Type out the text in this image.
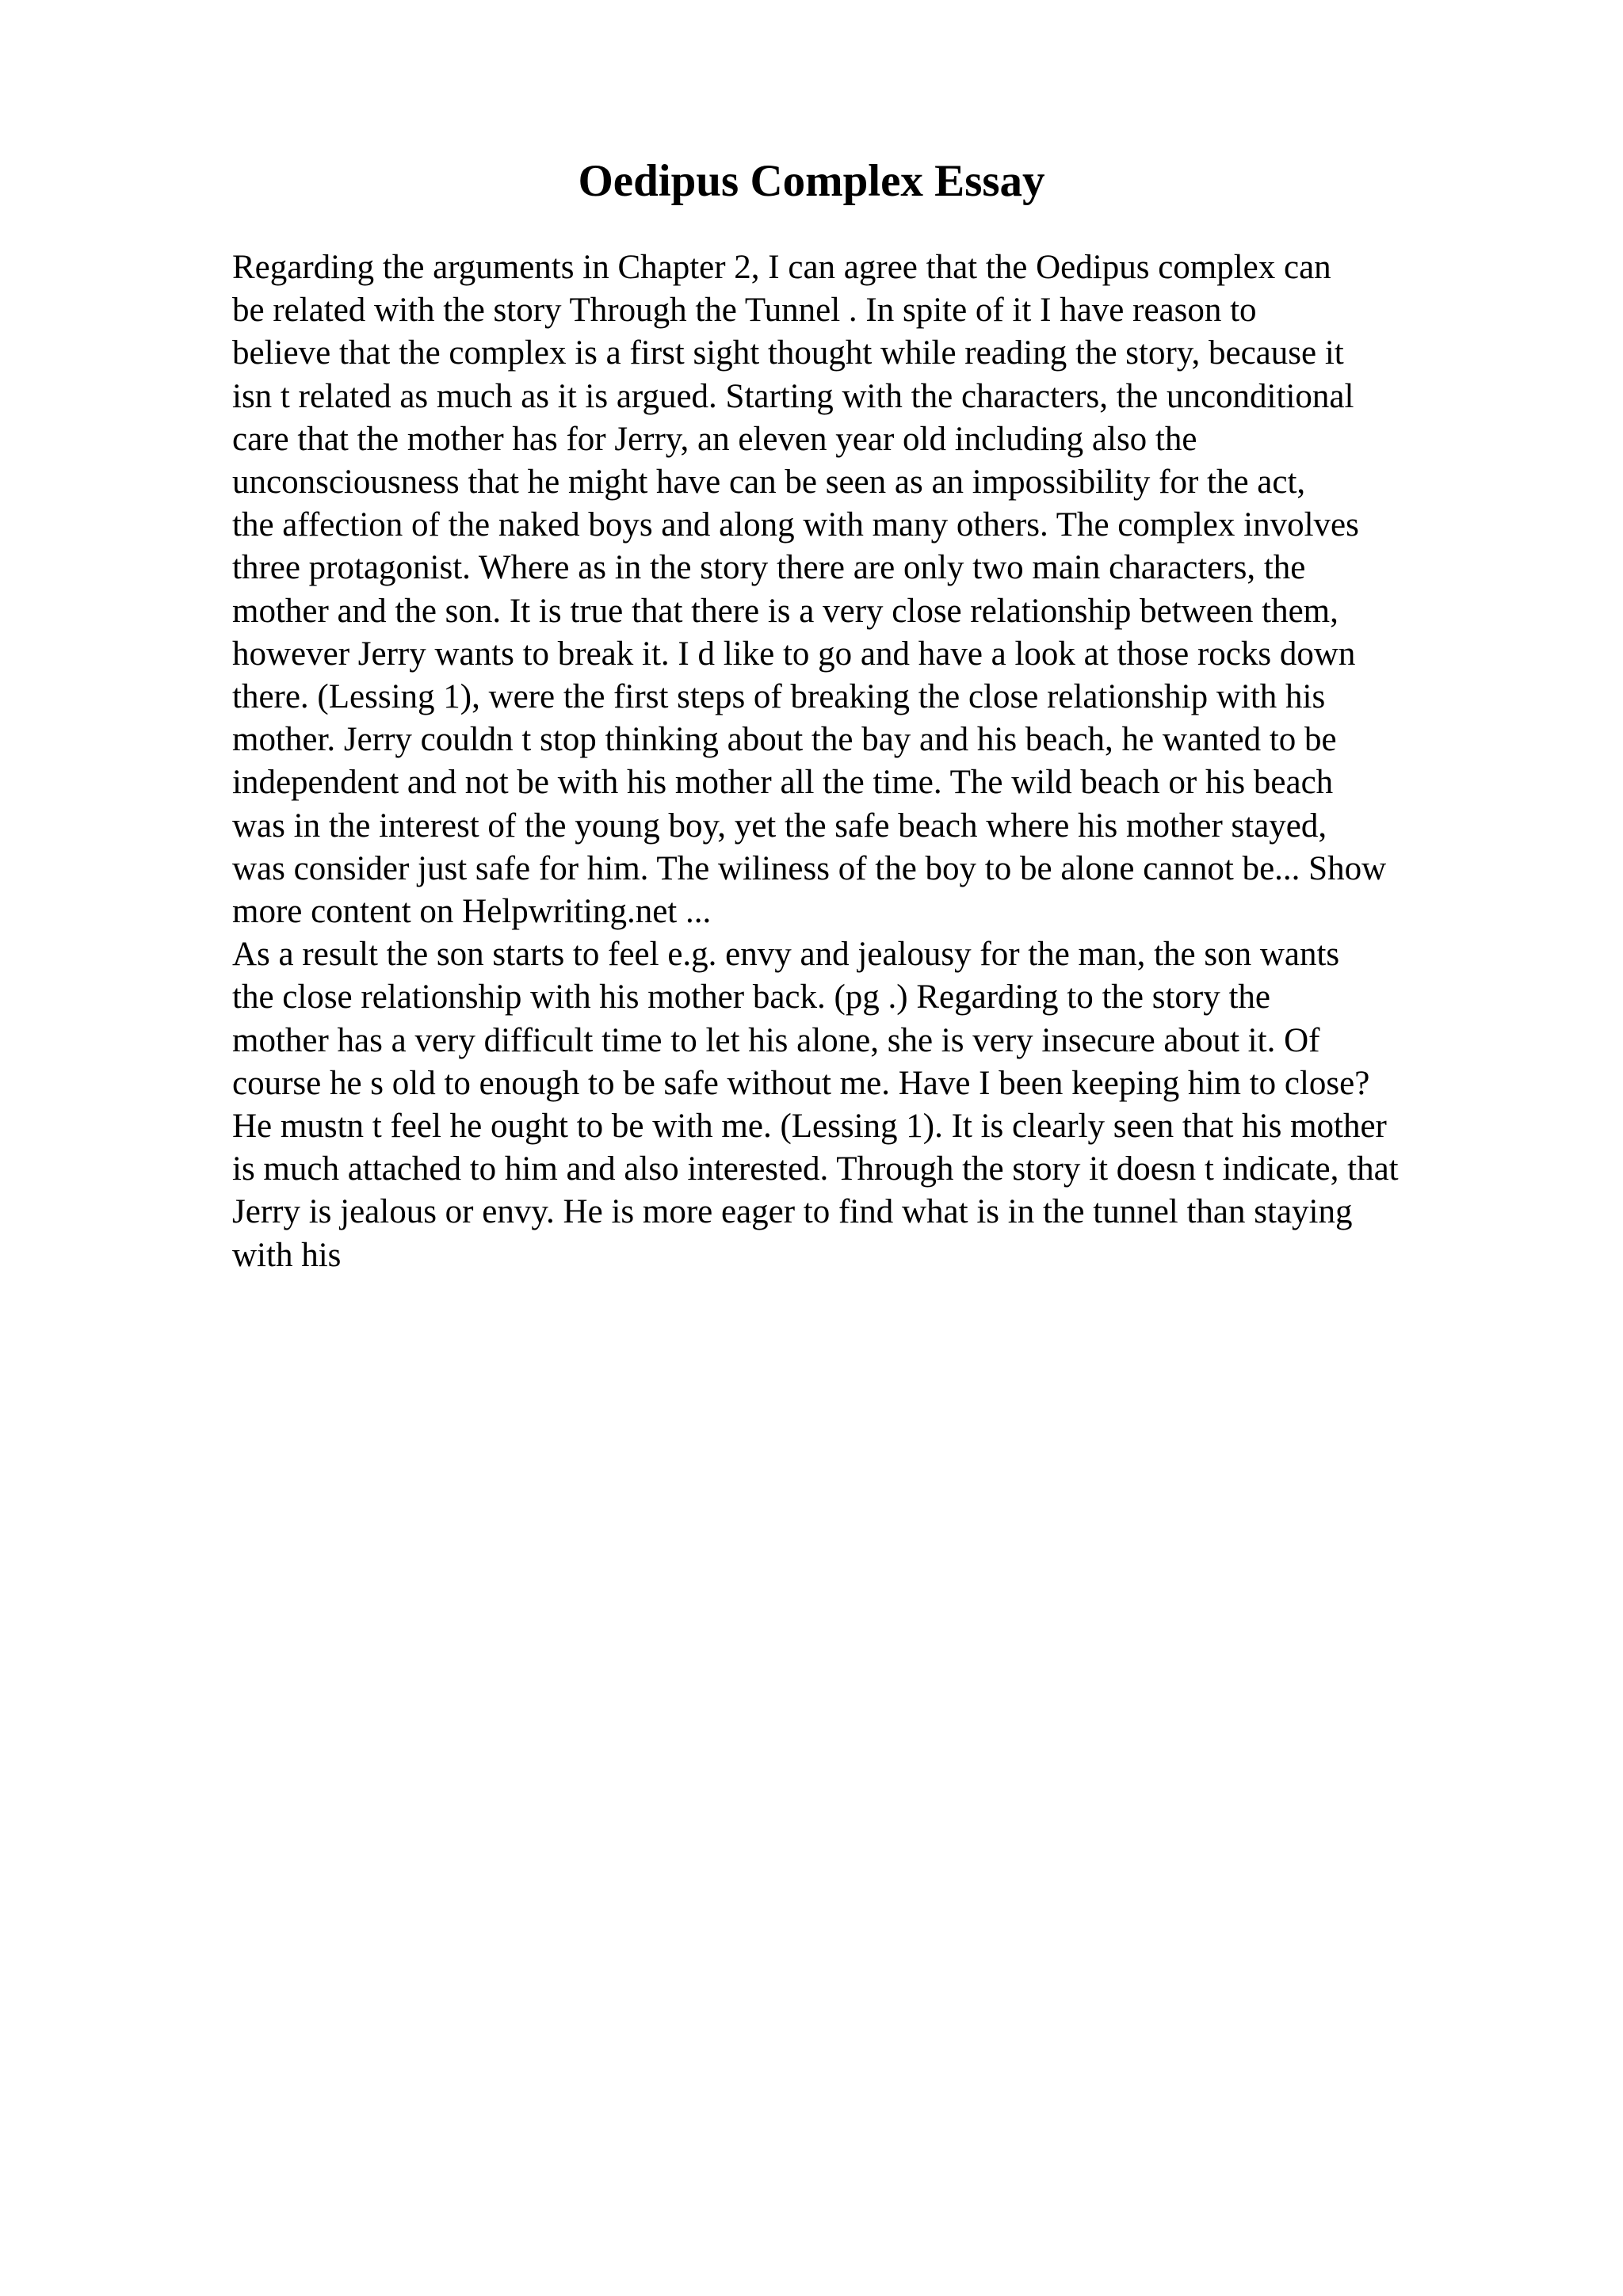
Oedipus Complex Essay
Regarding the arguments in Chapter 2, I can agree that the Oedipus complex can
be related with the story Through the Tunnel . In spite of it I have reason to
believe that the complex is a first sight thought while reading the story, because it
isn t related as much as it is argued. Starting with the characters, the unconditional
care that the mother has for Jerry, an eleven year old including also the
unconsciousness that he might have can be seen as an impossibility for the act,
the affection of the naked boys and along with many others. The complex involves
three protagonist. Where as in the story there are only two main characters, the
mother and the son. It is true that there is a very close relationship between them,
however Jerry wants to break it. I d like to go and have a look at those rocks down
there. (Lessing 1), were the first steps of breaking the close relationship with his
mother. Jerry couldn t stop thinking about the bay and his beach, he wanted to be
independent and not be with his mother all the time. The wild beach or his beach
was in the interest of the young boy, yet the safe beach where his mother stayed,
was consider just safe for him. The wiliness of the boy to be alone cannot be... Show
more content on Helpwriting.net ...
As a result the son starts to feel e.g. envy and jealousy for the man, the son wants
the close relationship with his mother back. (pg .) Regarding to the story the
mother has a very difficult time to let his alone, she is very insecure about it. Of
course he s old to enough to be safe without me. Have I been keeping him to close?
He mustn t feel he ought to be with me. (Lessing 1). It is clearly seen that his mother
is much attached to him and also interested. Through the story it doesn t indicate, that
Jerry is jealous or envy. He is more eager to find what is in the tunnel than staying
with his
